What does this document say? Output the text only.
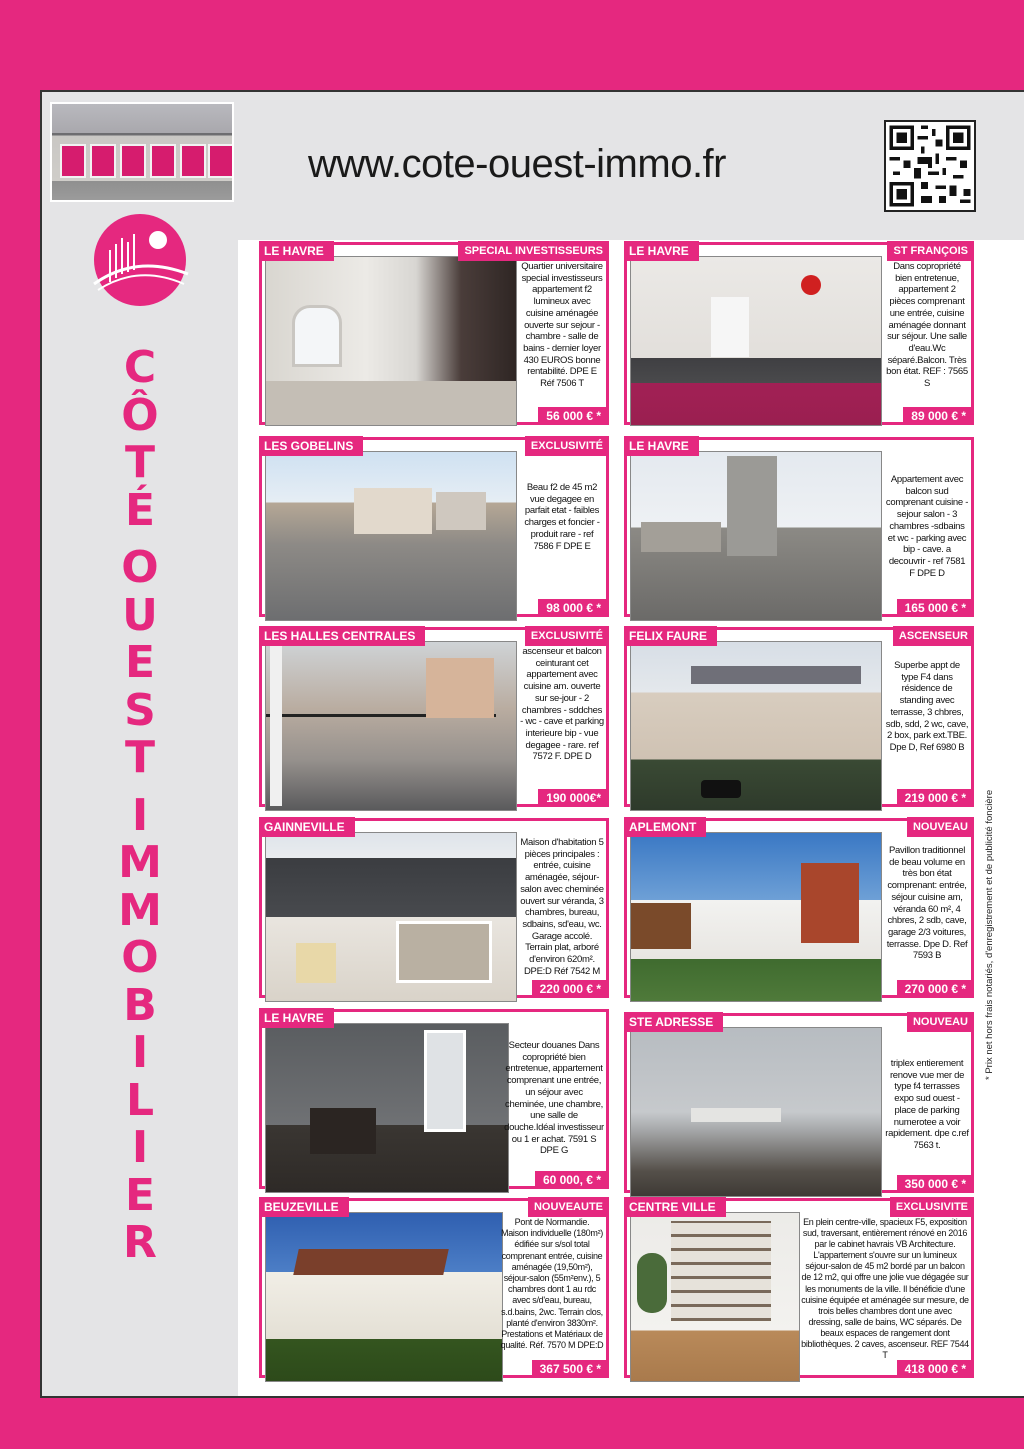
www.cote-ouest-immo.fr
C
Ô
T
É
O
U
E
S
T
I
M
M
O
B
I
L
I
E
R
LE HAVRE	SPECIAL INVESTISSEURS
Quartier universitaire special investisseurs appartement f2 lumineux avec cuisine aménagée ouverte sur sejour - chambre - salle de bains - dernier loyer 430 EUROS bonne rentabilité. DPE E Réf 7506 T
56 000 € *
LE HAVRE	ST FRANÇOIS
Dans copropriété bien entretenue, appartement 2 pièces comprenant une entrée, cuisine aménagée donnant sur séjour. Une salle d'eau.Wc séparé.Balcon. Très bon état. REF : 7565 S
89 000 € *
LES GOBELINS	EXCLUSIVITÉ
Beau f2 de 45 m2 vue degagee en parfait etat - faibles charges et foncier - produit rare - ref 7586 F DPE E
98 000 € *
LE HAVRE
Appartement avec balcon sud comprenant cuisine -sejour salon - 3 chambres -sdbains et wc - parking avec bip - cave. a decouvrir - ref 7581 F DPE D
165 000 € *
LES HALLES CENTRALES	EXCLUSIVITÉ
ascenseur et balcon ceinturant cet appartement avec cuisine am. ouverte sur se-jour - 2 chambres - sddches - wc - cave et parking interieure bip - vue degagee - rare. ref 7572 F. DPE D
190 000€*
FELIX FAURE	ASCENSEUR
Superbe appt de type F4 dans résidence de standing avec terrasse, 3 chbres, sdb, sdd, 2 wc, cave, 2 box, park ext.TBE. Dpe D, Ref 6980 B
219 000 € *
GAINNEVILLE
Maison d'habitation 5 pièces principales : entrée, cuisine aménagée, séjour-salon avec cheminée ouvert sur véranda, 3 chambres, bureau, sdbains, sd'eau, wc. Garage accolé. Terrain plat, arboré d'environ 620m². DPE:D Réf 7542 M
220 000 € *
APLEMONT	NOUVEAU
Pavillon traditionnel de beau volume en très bon état comprenant: entrée, séjour cuisine am, véranda 60 m², 4 chbres, 2 sdb, cave, garage 2/3 voitures, terrasse. Dpe D. Ref 7593 B
270 000 € *
LE HAVRE
Secteur douanes Dans copropriété bien entretenue, appartement comprenant une entrée, un séjour avec cheminée, une chambre, une salle de douche.Idéal investisseur ou 1 er achat. 7591 S DPE G
60 000, € *
STE ADRESSE	NOUVEAU
triplex entierement renove vue mer de type f4 terrasses expo sud ouest - place de parking numerotee a voir rapidement. dpe c.ref 7563 t.
350 000 € *
BEUZEVILLE	NOUVEAUTE
Pont de Normandie. Maison individuelle (180m²) édifiée sur s/sol total comprenant entrée, cuisine aménagée (19,50m²), séjour-salon (55m²env.), 5 chambres dont 1 au rdc avec s/d'eau, bureau, s.d.bains, 2wc. Terrain clos, planté d'environ 3830m². Prestations et Matériaux de qualité. Réf. 7570 M DPE:D
367 500 € *
CENTRE VILLE	EXCLUSIVITE
En plein centre-ville, spacieux F5, exposition sud, traversant, entièrement rénové en 2016 par le cabinet havrais VB Architecture. L'appartement s'ouvre sur un lumineux séjour-salon de 45 m2 bordé par un balcon de 12 m2, qui offre une jolie vue dégagée sur les monuments de la ville. Il bénéficie d'une cuisine équipée et aménagée sur mesure, de trois belles chambres dont une avec dressing, salle de bains, WC séparés. De beaux espaces de rangement dont bibliothèques. 2 caves, ascenseur. REF 7544 T
418 000 € *
* Prix net hors frais notariés, d'enregistrement et de publicité foncière
